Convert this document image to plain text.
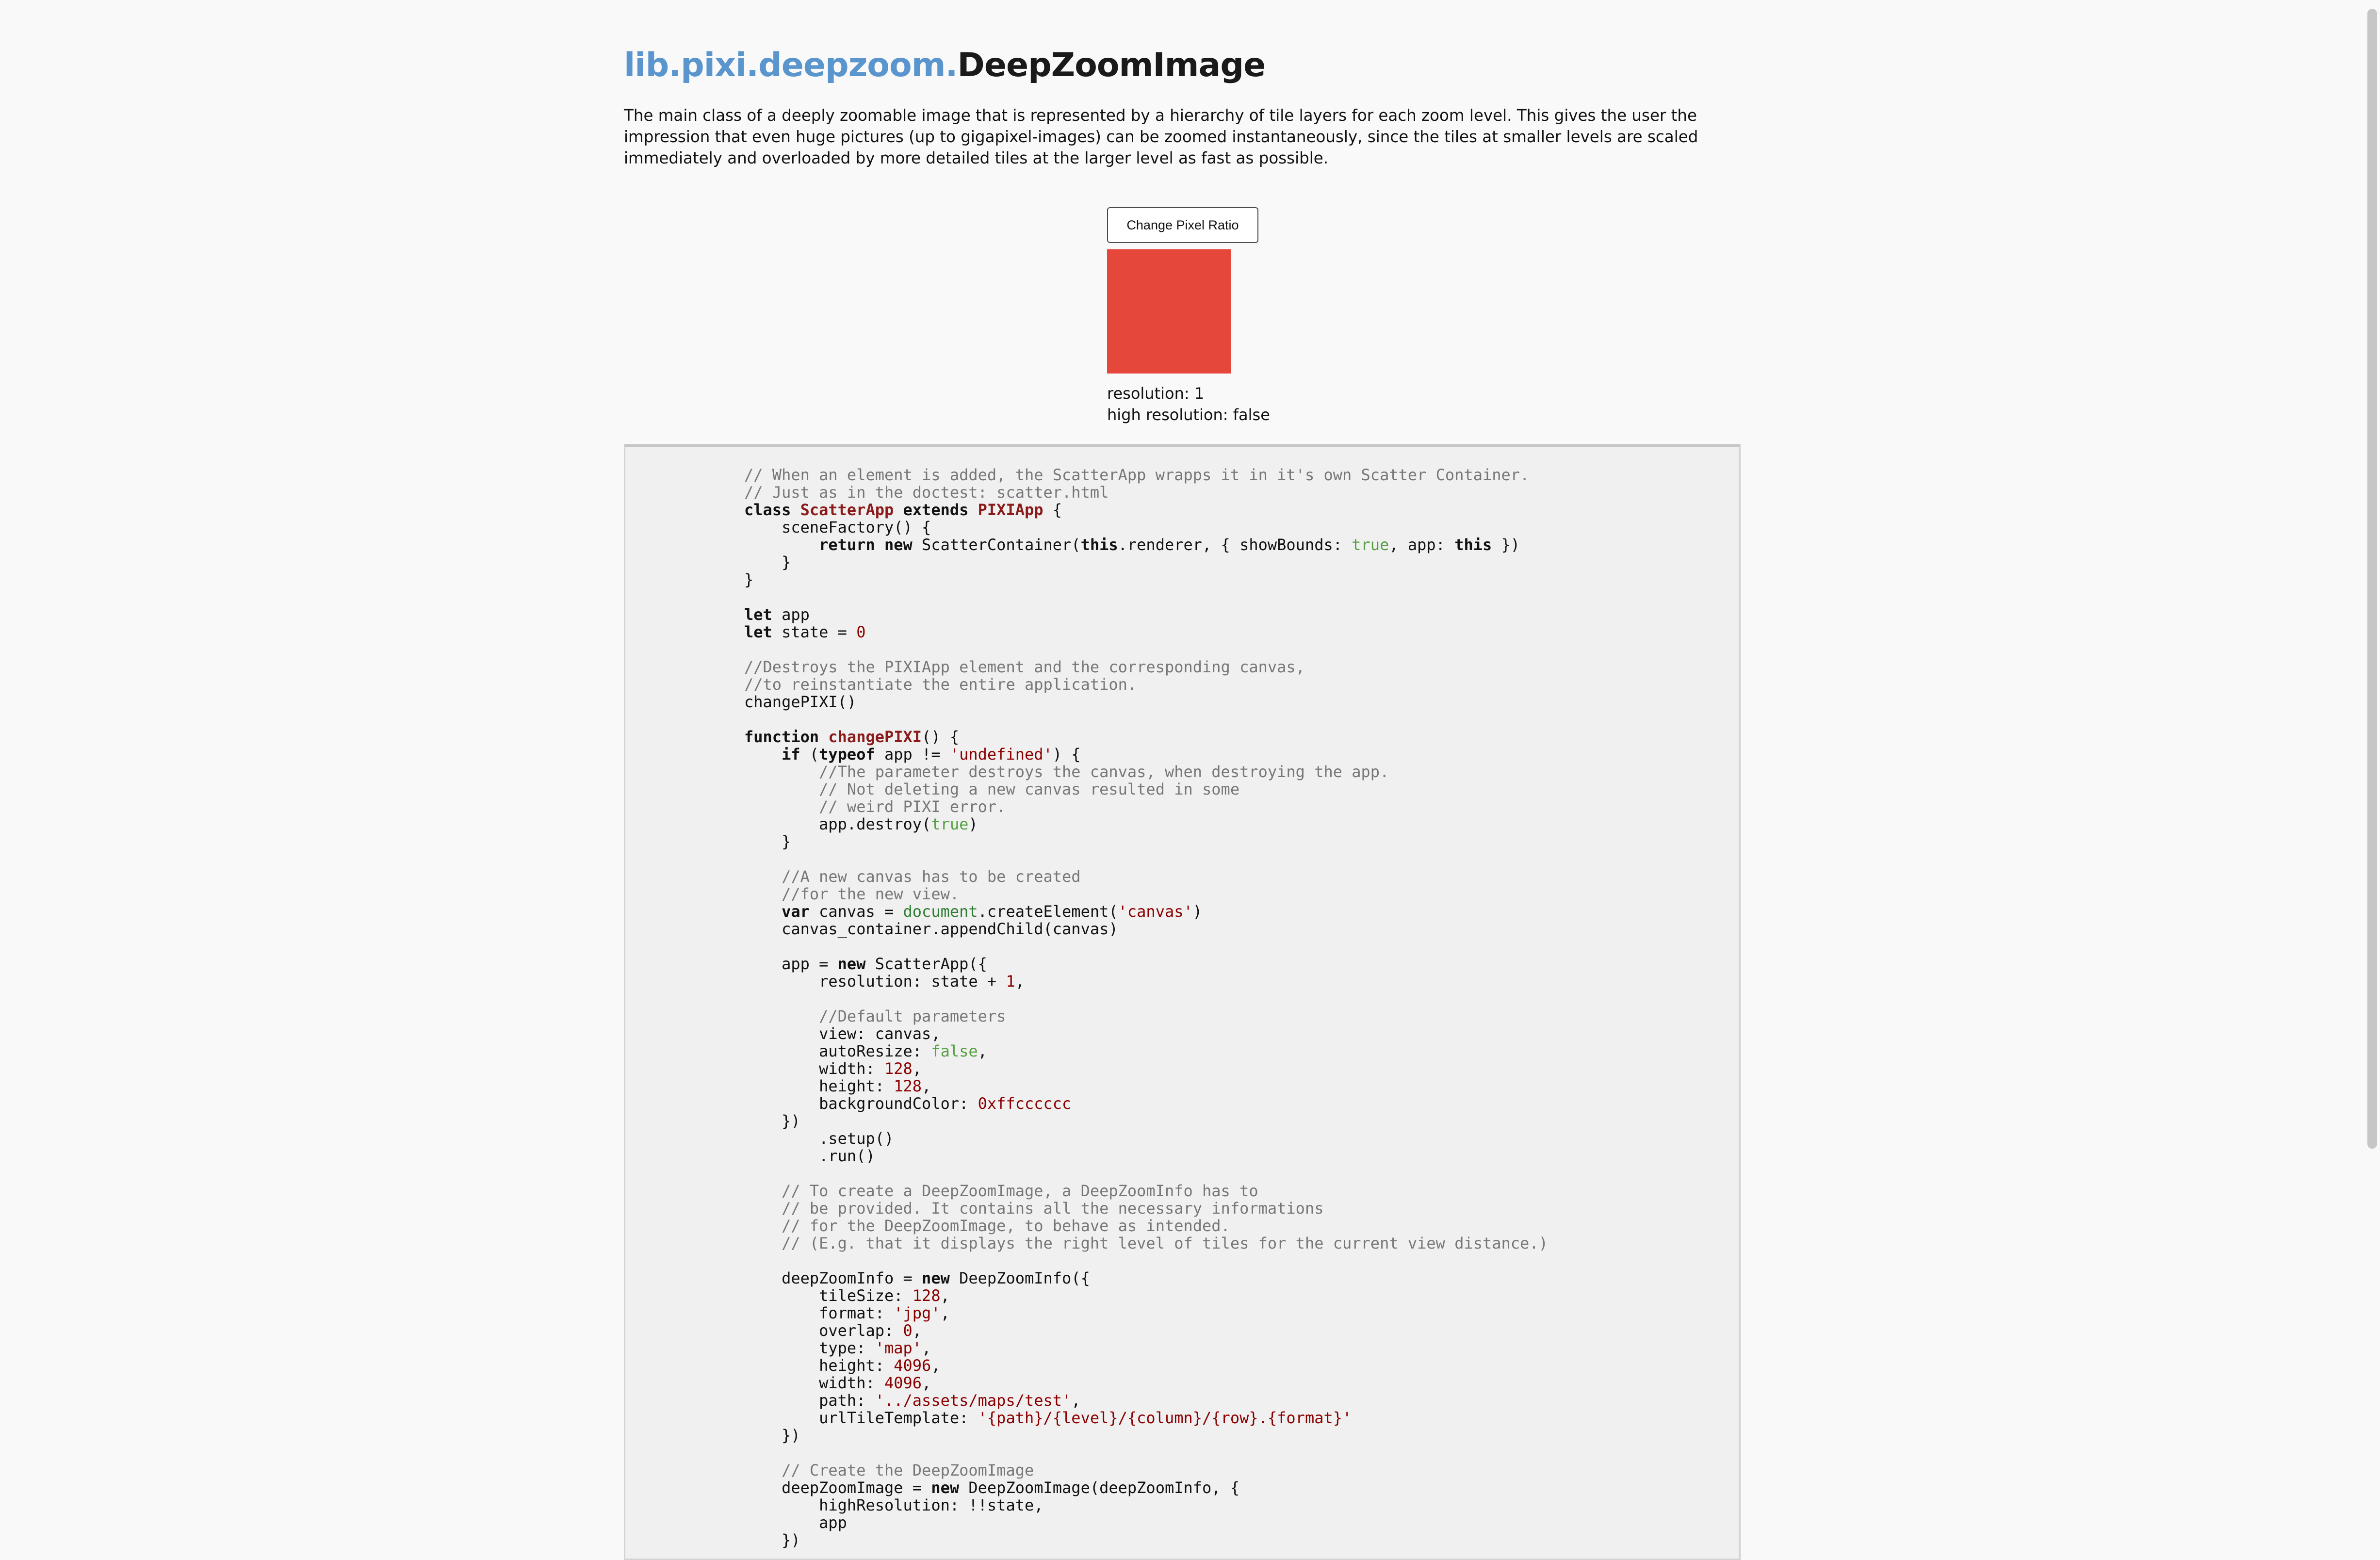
lib.pixi.deepzoom.DeepZoomImage

The main class of a deeply zoomable image that is represented by a hierarchy of tile layers for each zoom level. This gives the user the impression that even huge pictures (up to gigapixel-images) can be zoomed instantaneously, since the tiles at smaller levels are scaled immediately and overloaded by more detailed tiles at the larger level as fast as possible.

Change Pixel Ratio
resolution: 1
high resolution: false
// When an element is added, the ScatterApp wrapps it in it's own Scatter Container.
// Just as in the doctest: scatter.html
class ScatterApp extends PIXIApp {
sceneFactory() {
return new ScatterContainer(this.renderer, { showBounds: true, app: this })
}
}

let app
let state = 0

//Destroys the PIXIApp element and the corresponding canvas,
//to reinstantiate the entire application.
changePIXI()

function changePIXI() {
if (typeof app != 'undefined') {
//The parameter destroys the canvas, when destroying the app.
// Not deleting a new canvas resulted in some
// weird PIXI error.
app.destroy(true)
}

//A new canvas has to be created
//for the new view.
var canvas = document.createElement('canvas')
canvas_container.appendChild(canvas)

app = new ScatterApp({
resolution: state + 1,

//Default parameters
view: canvas,
autoResize: false,
width: 128,
height: 128,
backgroundColor: 0xffcccccc
})
.setup()
.run()

// To create a DeepZoomImage, a DeepZoomInfo has to
// be provided. It contains all the necessary informations
// for the DeepZoomImage, to behave as intended.
// (E.g. that it displays the right level of tiles for the current view distance.)

deepZoomInfo = new DeepZoomInfo({
tileSize: 128,
format: 'jpg',
overlap: 0,
type: 'map',
height: 4096,
width: 4096,
path: '../assets/maps/test',
urlTileTemplate: '{path}/{level}/{column}/{row}.{format}'
})

// Create the DeepZoomImage
deepZoomImage = new DeepZoomImage(deepZoomInfo, {
highResolution: !!state,
app
})
